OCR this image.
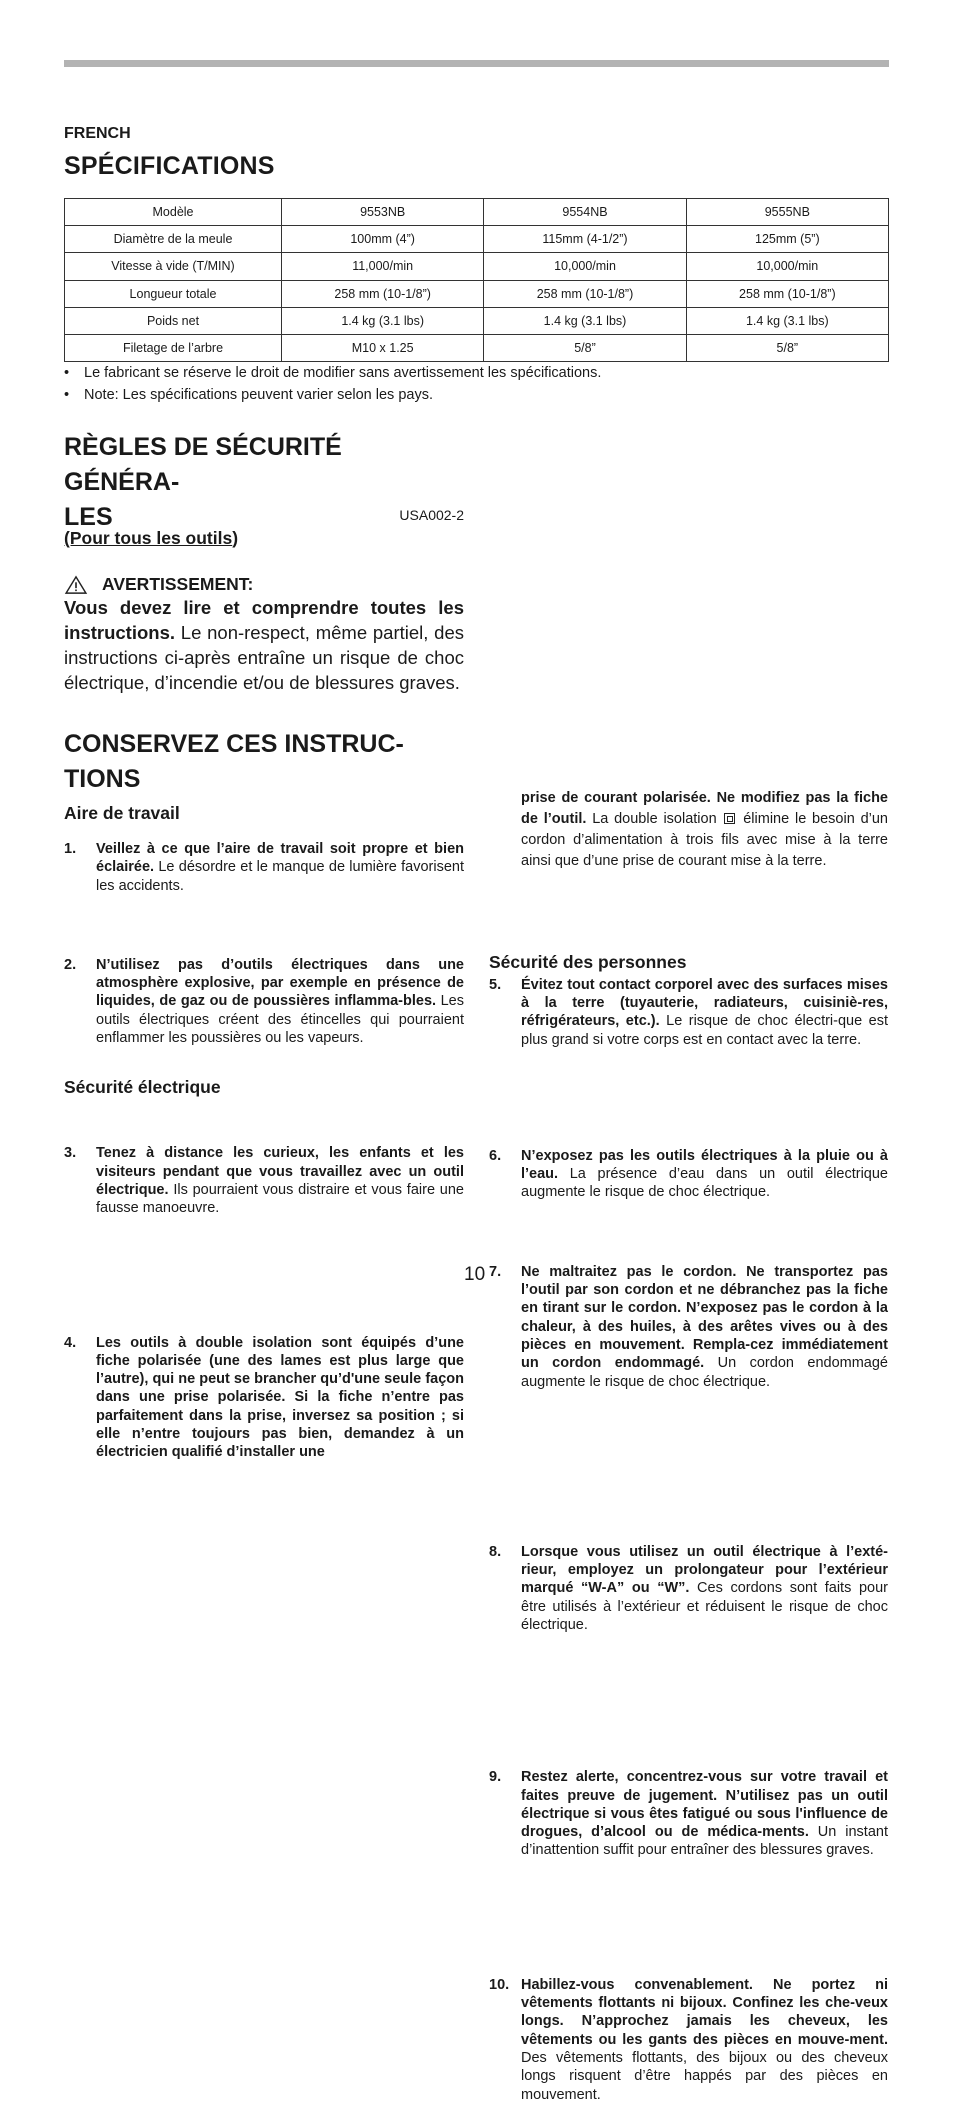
FRENCH
SPÉCIFICATIONS
Modèle	9553NB	9554NB	9555NB
Diamètre de la meule	100mm (4”)	115mm (4-1/2”)	125mm (5”)
Vitesse à vide (T/MIN)	11,000/min	10,000/min	10,000/min
Longueur totale	258 mm (10-1/8”)	258 mm (10-1/8”)	258 mm (10-1/8”)
Poids net	1.4 kg (3.1 lbs)	1.4 kg (3.1 lbs)	1.4 kg (3.1 lbs)
Filetage de l’arbre	M10 x 1.25	5/8”	5/8”
• Le fabricant se réserve le droit de modifier sans avertissement les spécifications.
• Note: Les spécifications peuvent varier selon les pays.
RÈGLES DE SÉCURITÉ GÉNÉRA-
LES	USA002-2
(Pour tous les outils)
AVERTISSEMENT:
Vous devez lire et comprendre toutes les instructions. Le non-respect, même partiel, des instructions ci-après entraîne un risque de choc électrique, d’incendie et/ou de blessures graves.
CONSERVEZ CES INSTRUC-
TIONS
Aire de travail
1. Veillez à ce que l’aire de travail soit propre et bien éclairée. Le désordre et le manque de lumière favorisent les accidents.
2. N’utilisez pas d’outils électriques dans une atmosphère explosive, par exemple en présence de liquides, de gaz ou de poussières inflamma-bles. Les outils électriques créent des étincelles qui pourraient enflammer les poussières ou les vapeurs.
3. Tenez à distance les curieux, les enfants et les visiteurs pendant que vous travaillez avec un outil électrique. Ils pourraient vous distraire et vous faire une fausse manoeuvre.
Sécurité électrique
4. Les outils à double isolation sont équipés d’une fiche polarisée (une des lames est plus large que l’autre), qui ne peut se brancher qu’d'une seule façon dans une prise polarisée. Si la fiche n’entre pas parfaitement dans la prise, inversez sa position ; si elle n’entre toujours pas bien, demandez à un électricien qualifié d’installer une
prise de courant polarisée. Ne modifiez pas la fiche de l’outil. La double isolation  élimine le besoin d’un cordon d’alimentation à trois fils avec mise à la terre ainsi que d’une prise de courant mise à la terre.
5. Évitez tout contact corporel avec des surfaces mises à la terre (tuyauterie, radiateurs, cuisiniè-res, réfrigérateurs, etc.). Le risque de choc électri-que est plus grand si votre corps est en contact avec la terre.
6. N’exposez pas les outils électriques à la pluie ou à l’eau. La présence d’eau dans un outil électrique augmente le risque de choc électrique.
7. Ne maltraitez pas le cordon. Ne transportez pas l’outil par son cordon et ne débranchez pas la fiche en tirant sur le cordon. N’exposez pas le cordon à la chaleur, à des huiles, à des arêtes vives ou à des pièces en mouvement. Rempla-cez immédiatement un cordon endommagé. Un cordon endommagé augmente le risque de choc électrique.
8. Lorsque vous utilisez un outil électrique à l’exté-rieur, employez un prolongateur pour l’extérieur marqué “W-A” ou “W”. Ces cordons sont faits pour être utilisés à l’extérieur et réduisent le risque de choc électrique.
Sécurité des personnes
9. Restez alerte, concentrez-vous sur votre travail et faites preuve de jugement. N’utilisez pas un outil électrique si vous êtes fatigué ou sous l'influence de drogues, d’alcool ou de médica-ments. Un instant d’inattention suffit pour entraîner des blessures graves.
10. Habillez-vous convenablement. Ne portez ni vêtements flottants ni bijoux. Confinez les che-veux longs. N’approchez jamais les cheveux, les vêtements ou les gants des pièces en mouve-ment. Des vêtements flottants, des bijoux ou des cheveux longs risquent d’être happés par des pièces en mouvement.
10
